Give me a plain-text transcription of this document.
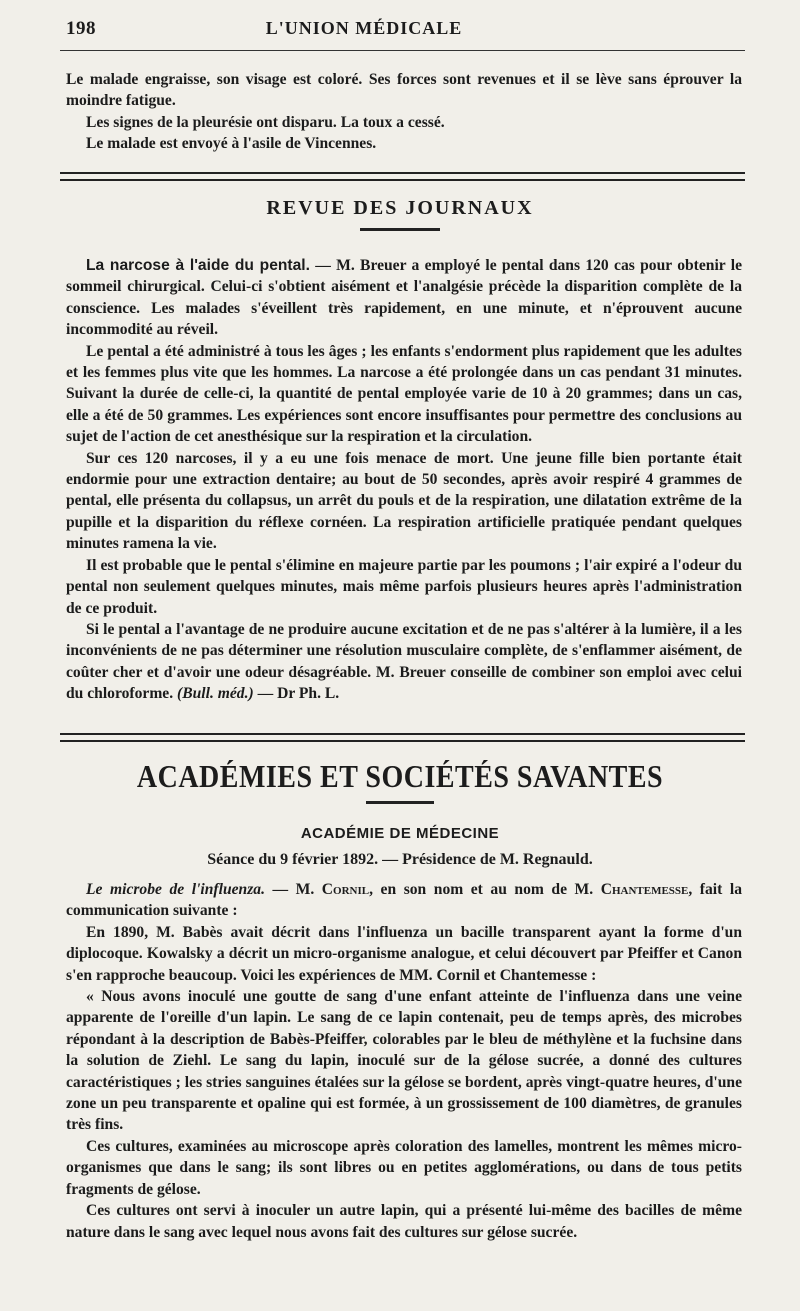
198	L'UNION MÉDICALE

Le malade engraisse, son visage est coloré. Ses forces sont revenues et il se lève sans éprouver la moindre fatigue.

Les signes de la pleurésie ont disparu. La toux a cessé.

Le malade est envoyé à l'asile de Vincennes.

REVUE DES JOURNAUX

La narcose à l'aide du pental. — M. Breuer a employé le pental dans 120 cas pour obtenir le sommeil chirurgical. Celui-ci s'obtient aisément et l'analgésie précède la disparition complète de la conscience. Les malades s'éveillent très rapidement, en une minute, et n'éprouvent aucune incommodité au réveil.

Le pental a été administré à tous les âges ; les enfants s'endorment plus rapidement que les adultes et les femmes plus vite que les hommes. La narcose a été prolongée dans un cas pendant 31 minutes. Suivant la durée de celle-ci, la quantité de pental employée varie de 10 à 20 grammes; dans un cas, elle a été de 50 grammes. Les expériences sont encore insuffisantes pour permettre des conclusions au sujet de l'action de cet anesthésique sur la respiration et la circulation.

Sur ces 120 narcoses, il y a eu une fois menace de mort. Une jeune fille bien portante était endormie pour une extraction dentaire; au bout de 50 secondes, après avoir respiré 4 grammes de pental, elle présenta du collapsus, un arrêt du pouls et de la respiration, une dilatation extrême de la pupille et la disparition du réflexe cornéen. La respiration artificielle pratiquée pendant quelques minutes ramena la vie.

Il est probable que le pental s'élimine en majeure partie par les poumons ; l'air expiré a l'odeur du pental non seulement quelques minutes, mais même parfois plusieurs heures après l'administration de ce produit.

Si le pental a l'avantage de ne produire aucune excitation et de ne pas s'altérer à la lumière, il a les inconvénients de ne pas déterminer une résolution musculaire complète, de s'enflammer aisément, de coûter cher et d'avoir une odeur désagréable. M. Breuer conseille de combiner son emploi avec celui du chloroforme. (Bull. méd.) — Dr Ph. L.

ACADÉMIES ET SOCIÉTÉS SAVANTES
ACADÉMIE DE MÉDECINE
Séance du 9 février 1892. — Présidence de M. Regnauld.

Le microbe de l'influenza. — M. Cornil, en son nom et au nom de M. Chantemesse, fait la communication suivante :

En 1890, M. Babès avait décrit dans l'influenza un bacille transparent ayant la forme d'un diplocoque. Kowalsky a décrit un micro-organisme analogue, et celui découvert par Pfeiffer et Canon s'en rapproche beaucoup. Voici les expériences de MM. Cornil et Chantemesse :

« Nous avons inoculé une goutte de sang d'une enfant atteinte de l'influenza dans une veine apparente de l'oreille d'un lapin. Le sang de ce lapin contenait, peu de temps après, des microbes répondant à la description de Babès-Pfeiffer, colorables par le bleu de méthylène et la fuchsine dans la solution de Ziehl. Le sang du lapin, inoculé sur de la gélose sucrée, a donné des cultures caractéristiques ; les stries sanguines étalées sur la gélose se bordent, après vingt-quatre heures, d'une zone un peu transparente et opaline qui est formée, à un grossissement de 100 diamètres, de granules très fins.

Ces cultures, examinées au microscope après coloration des lamelles, montrent les mêmes micro-organismes que dans le sang; ils sont libres ou en petites agglomérations, ou dans de tous petits fragments de gélose.

Ces cultures ont servi à inoculer un autre lapin, qui a présenté lui-même des bacilles de même nature dans le sang avec lequel nous avons fait des cultures sur gélose sucrée.
